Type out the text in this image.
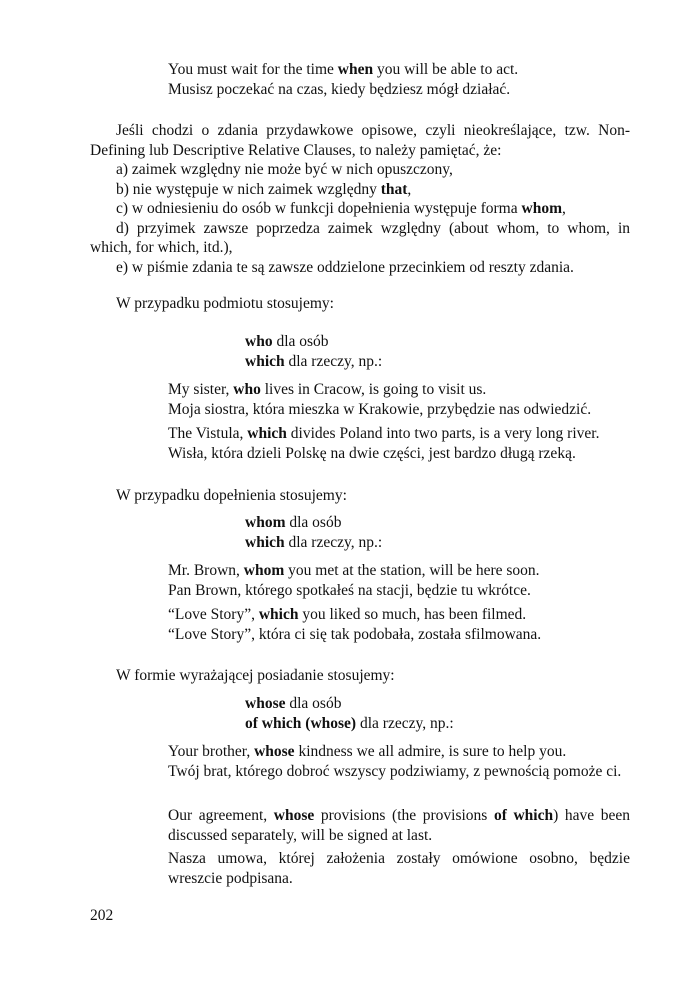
You must wait for the time when you will be able to act.

Musisz poczekać na czas, kiedy będziesz mógł działać.

Jeśli chodzi o zdania przydawkowe opisowe, czyli nieokreślające, tzw. Non-Defining lub Descriptive Relative Clauses, to należy pamiętać, że:

a) zaimek względny nie może być w nich opuszczony,

b) nie występuje w nich zaimek względny that,

c) w odniesieniu do osób w funkcji dopełnienia występuje forma whom,

d) przyimek zawsze poprzedza zaimek względny (about whom, to whom, in which, for which, itd.),

e) w piśmie zdania te są zawsze oddzielone przecinkiem od reszty zdania.

W przypadku podmiotu stosujemy:

who dla osób

which dla rzeczy, np.:

My sister, who lives in Cracow, is going to visit us.

Moja siostra, która mieszka w Krakowie, przybędzie nas odwiedzić.

The Vistula, which divides Poland into two parts, is a very long river.

Wisła, która dzieli Polskę na dwie części, jest bardzo długą rzeką.

W przypadku dopełnienia stosujemy:

whom dla osób

which dla rzeczy, np.:

Mr. Brown, whom you met at the station, will be here soon.

Pan Brown, którego spotkałeś na stacji, będzie tu wkrótce.

“Love Story”, which you liked so much, has been filmed.

“Love Story”, która ci się tak podobała, została sfilmowana.

W formie wyrażającej posiadanie stosujemy:

whose dla osób

of which (whose) dla rzeczy, np.:

Your brother, whose kindness we all admire, is sure to help you.

Twój brat, którego dobroć wszyscy podziwiamy, z pewnością pomoże ci.

Our agreement, whose provisions (the provisions of which) have been discussed separately, will be signed at last.

Nasza umowa, której założenia zostały omówione osobno, będzie wreszcie podpisana.

202
